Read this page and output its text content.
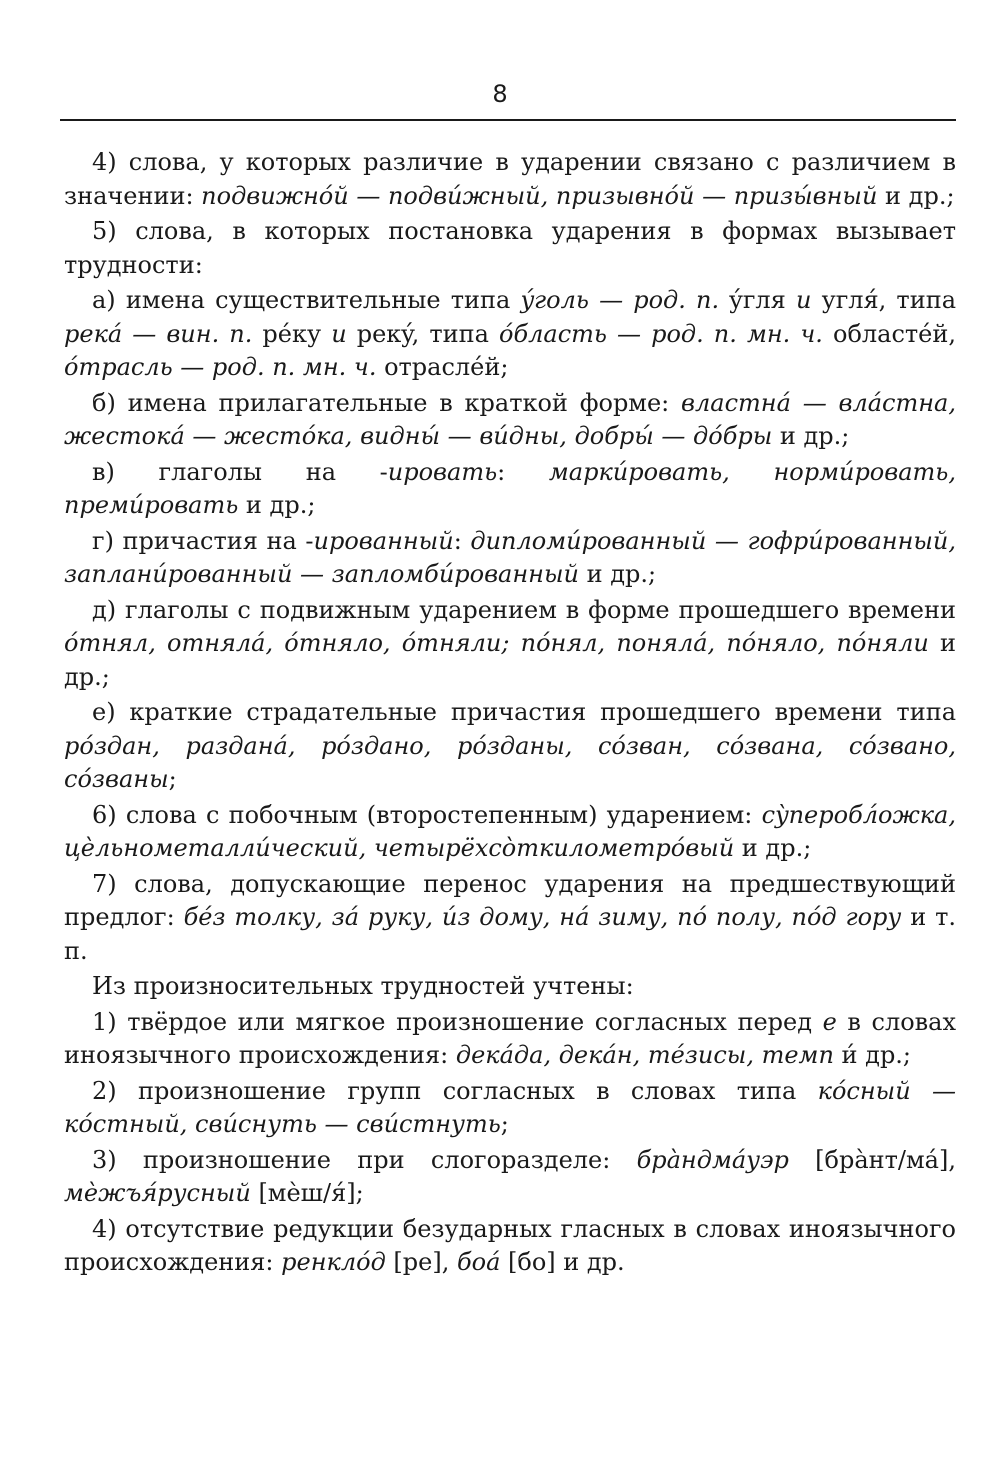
8

4) слова, у которых различие в ударении связано с различием в значении: подвижнóй — подви́жный, призывнóй — призы́вный и др.;

5) слова, в которых постановка ударения в формах вызывает трудности:

а) имена существительные типа ýголь — род. п. ýгля и угля́, типа рекá — вин. п. рéку и рекý, типа óбласть — род. п. мн. ч. областéй, óтрасль — род. п. мн. ч. отраслéй;

б) имена прилагательные в краткой форме: властнá — влáстна, жестокá — жестóка, видны́ — ви́дны, добры́ — дóбры и др.;

в) глаголы на -ировать: марки́ровать, норми́ровать, преми́ровать и др.;

г) причастия на -ированный: дипломи́рованный — гофри́рованный, заплани́рованный — запломби́рованный и др.;

д) глаголы с подвижным ударением в форме прошедшего времени óтнял, отнялá, óтняло, óтняли; пóнял, понялá, пóняло, пóняли и др.;

е) краткие страдательные причастия прошедшего времени типа рóздан, разданá, рóздано, рóзданы, сóзван, сóзвана, сóзвано, сóзваны;

6) слова с побочным (второстепенным) ударением: сỳперобл́ожка, цѐльнометалли́ческий, четырёхсòткилометрóвый и др.;

7) слова, допускающие перенос ударения на предшествующий предлог: бéз толку, зá руку, и́з дому, нá зиму, пó полу, пóд гору и т. п.

Из произносительных трудностей учтены:

1) твёрдое или мягкое произношение согласных перед е в словах иноязычного происхождения: декáда, декáн, тéзисы, темп и́ др.;

2) произношение групп согласных в словах типа кóсный — кóстный, сви́снуть — сви́стнуть;

3) произношение при слогоразделе: брàндмáуэр [брàнт/мá], мѐжъя́русный [мѐш/я́];

4) отсутствие редукции безударных гласных в словах иноязычного происхождения: ренклóд [ре], боá [бо] и др.
